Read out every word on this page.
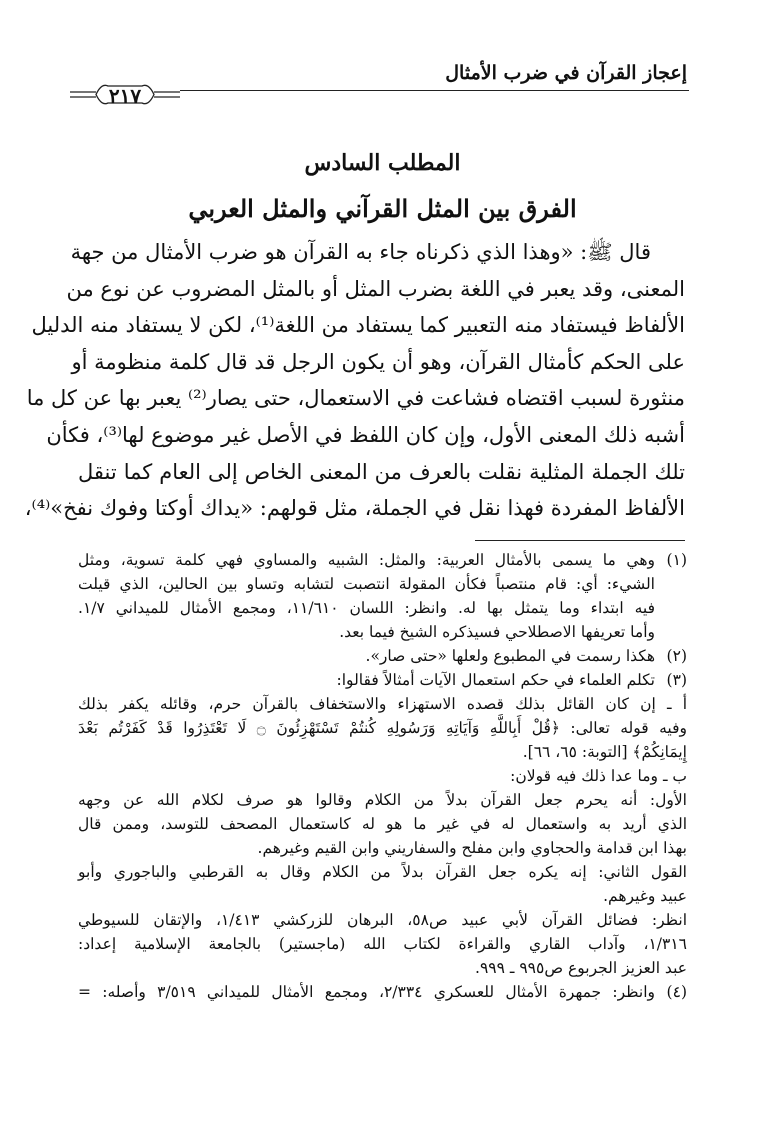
إعجاز القرآن في ضرب الأمثال
٢١٧
المطلب السادس
الفرق بين المثل القرآني والمثل العربي
قال ﷺ: «وهذا الذي ذكرناه جاء به القرآن هو ضرب الأمثال من جهة
المعنى، وقد يعبر في اللغة بضرب المثل أو بالمثل المضروب عن نوع من
الألفاظ فيستفاد منه التعبير كما يستفاد من اللغة⁽¹⁾، لكن لا يستفاد منه الدليل
على الحكم كأمثال القرآن، وهو أن يكون الرجل قد قال كلمة منظومة أو
منثورة لسبب اقتضاه فشاعت في الاستعمال، حتى يصار⁽²⁾ يعبر بها عن كل ما
أشبه ذلك المعنى الأول، وإن كان اللفظ في الأصل غير موضوع لها⁽³⁾، فكأن
تلك الجملة المثلية نقلت بالعرف من المعنى الخاص إلى العام كما تنقل
الألفاظ المفردة فهذا نقل في الجملة، مثل قولهم: «يداك أوكتا وفوك نفخ»⁽⁴⁾،
(١)
وهي ما يسمى بالأمثال العربية: والمثل: الشبيه والمساوي فهي كلمة تسوية، ومثل
الشيء: أي: قام منتصباً فكأن المقولة انتصبت لتشابه وتساو بين الحالين، الذي قيلت
فيه ابتداء وما يتمثل بها له. وانظر: اللسان ١١/٦١٠، ومجمع الأمثال للميداني ١/٧.
وأما تعريفها الاصطلاحي فسيذكره الشيخ فيما بعد.
(٢)
هكذا رسمت في المطبوع ولعلها «حتى صار».
(٣)
تكلم العلماء في حكم استعمال الآيات أمثالاً فقالوا:
أ ـ إن كان القائل بذلك قصده الاستهزاء والاستخفاف بالقرآن حرم، وقائله يكفر بذلك
وفيه قوله تعالى: ﴿قُلْ أَبِاللَّهِ وَآيَاتِهِ وَرَسُولِهِ كُنتُمْ تَسْتَهْزِئُونَ ۝ لَا تَعْتَذِرُوا قَدْ كَفَرْتُم بَعْدَ
إِيمَانِكُمْ﴾ [التوبة: ٦٥، ٦٦].
ب ـ وما عدا ذلك فيه قولان:
الأول: أنه يحرم جعل القرآن بدلاً من الكلام وقالوا هو صرف لكلام الله عن وجهه
الذي أريد به واستعمال له في غير ما هو له كاستعمال المصحف للتوسد، وممن قال
بهذا ابن قدامة والحجاوي وابن مفلح والسفاريني وابن القيم وغيرهم.
القول الثاني: إنه يكره جعل القرآن بدلاً من الكلام وقال به القرطبي والباجوري وأبو
عبيد وغيرهم.
انظر: فضائل القرآن لأبي عبيد ص٥٨، البرهان للزركشي ١/٤١٣، والإتقان للسيوطي
١/٣١٦، وآداب القاري والقراءة لكتاب الله (ماجستير) بالجامعة الإسلامية إعداد:
عبد العزيز الجربوع ص٩٩٥ ـ ٩٩٩.
(٤)
وانظر: جمهرة الأمثال للعسكري ٢/٣٣٤، ومجمع الأمثال للميداني ٣/٥١٩ وأصله: =
